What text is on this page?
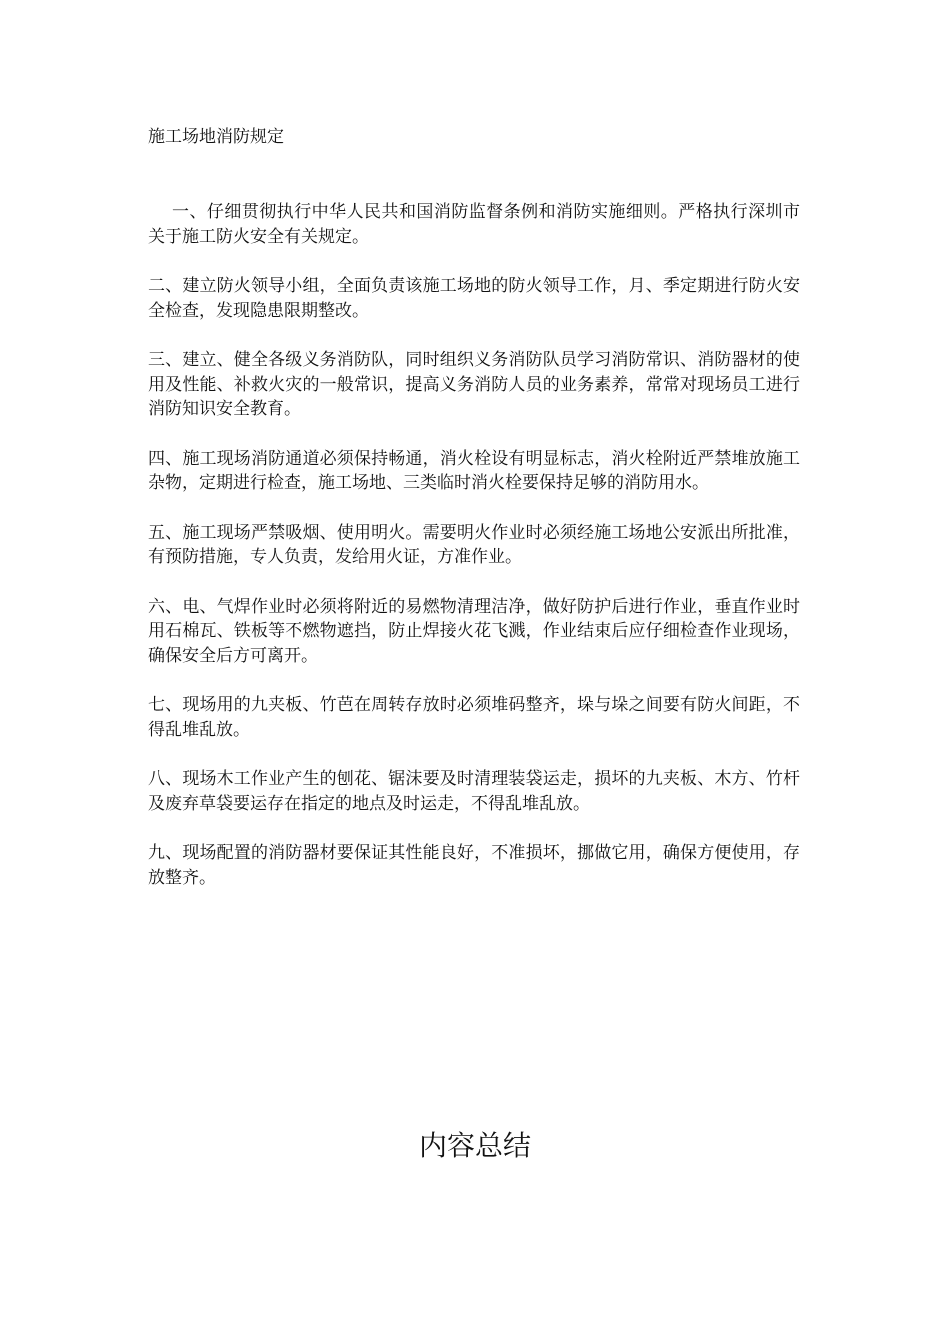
施工场地消防规定
一、仔细贯彻执行中华人民共和国消防监督条例和消防实施细则。严格执行深圳市关于施工防火安全有关规定。
二、建立防火领导小组，全面负责该施工场地的防火领导工作，月、季定期进行防火安全检查，发现隐患限期整改。
三、建立、健全各级义务消防队，同时组织义务消防队员学习消防常识、消防器材的使用及性能、补救火灾的一般常识，提高义务消防人员的业务素养，常常对现场员工进行消防知识安全教育。
四、施工现场消防通道必须保持畅通，消火栓设有明显标志，消火栓附近严禁堆放施工杂物，定期进行检查，施工场地、三类临时消火栓要保持足够的消防用水。
五、施工现场严禁吸烟、使用明火。需要明火作业时必须经施工场地公安派出所批准，有预防措施，专人负责，发给用火证，方准作业。
六、电、气焊作业时必须将附近的易燃物清理洁净，做好防护后进行作业，垂直作业时用石棉瓦、铁板等不燃物遮挡，防止焊接火花飞溅，作业结束后应仔细检查作业现场，确保安全后方可离开。
七、现场用的九夹板、竹芭在周转存放时必须堆码整齐，垛与垛之间要有防火间距，不得乱堆乱放。
八、现场木工作业产生的刨花、锯沫要及时清理装袋运走，损坏的九夹板、木方、竹杆及废弃草袋要运存在指定的地点及时运走，不得乱堆乱放。
九、现场配置的消防器材要保证其性能良好，不准损坏，挪做它用，确保方便使用，存放整齐。
内容总结
